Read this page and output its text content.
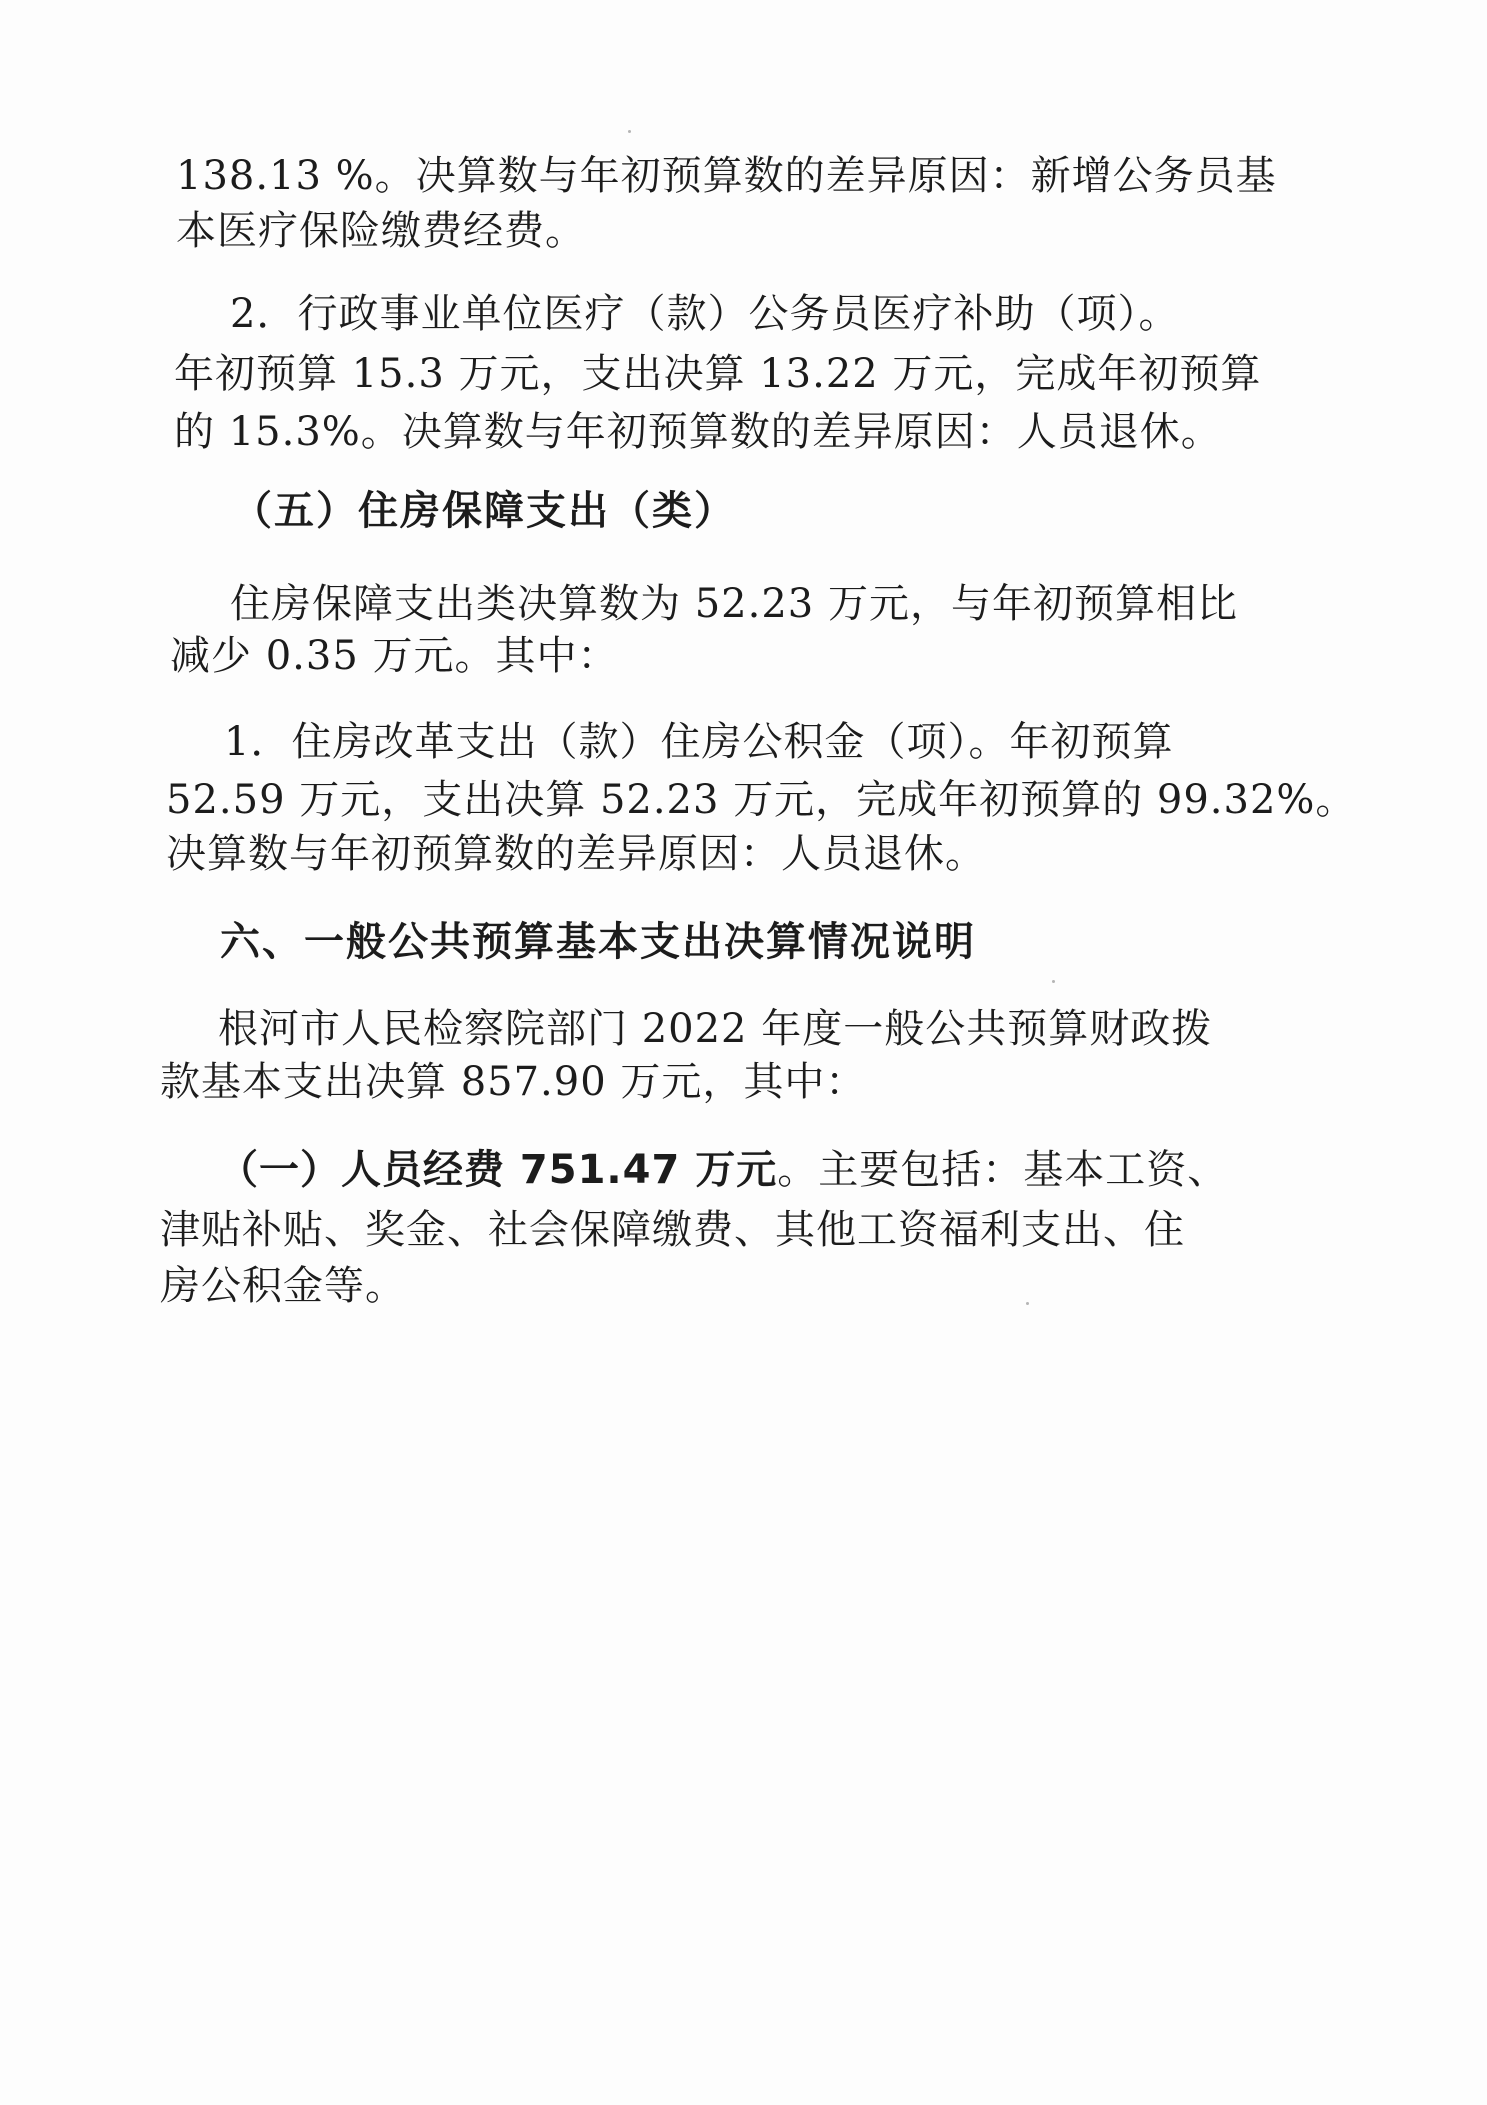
138.13 %。决算数与年初预算数的差异原因：新增公务员基
本医疗保险缴费经费。
2．行政事业单位医疗（款）公务员医疗补助（项）。
年初预算 15.3 万元，支出决算 13.22 万元，完成年初预算
的 15.3%。决算数与年初预算数的差异原因：人员退休。
（五）住房保障支出（类）
住房保障支出类决算数为 52.23 万元，与年初预算相比
减少 0.35 万元。其中：
1．住房改革支出（款）住房公积金（项）。年初预算
52.59 万元，支出决算 52.23 万元，完成年初预算的 99.32%。
决算数与年初预算数的差异原因：人员退休。
六、一般公共预算基本支出决算情况说明
根河市人民检察院部门 2022 年度一般公共预算财政拨
款基本支出决算 857.90 万元，其中：
（一）人员经费 751.47 万元。主要包括：基本工资、
津贴补贴、奖金、社会保障缴费、其他工资福利支出、住
房公积金等。
